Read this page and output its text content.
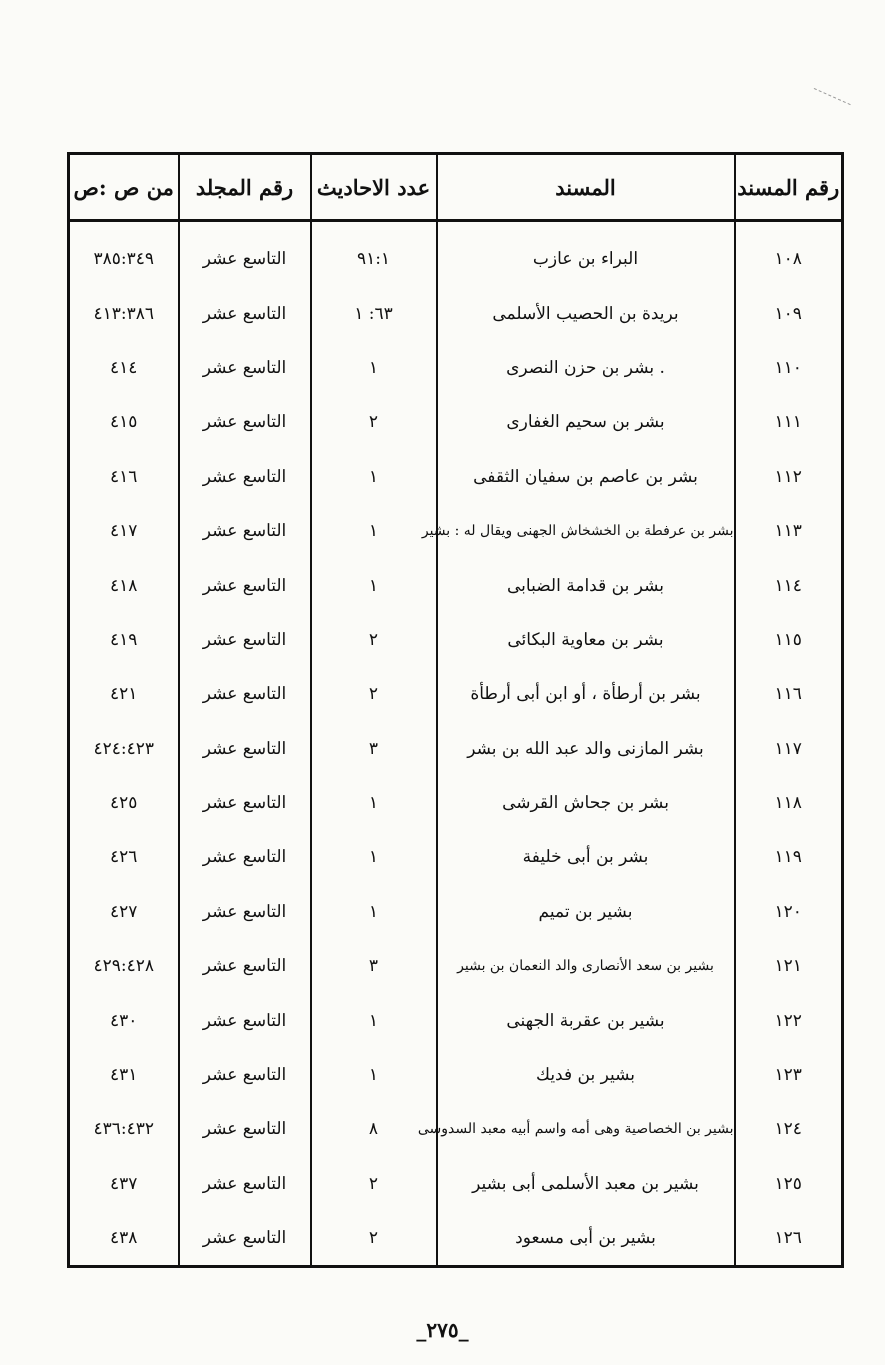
رقم المسند	المسند	عدد الاحاديث	رقم المجلد	من ص :ص
١٠٨	البراء بن عازب	٩١:١	التاسع عشر	٣٨٥:٣٤٩
١٠٩	بريدة بن الحصيب الأسلمى	٦٣: ١	التاسع عشر	٤١٣:٣٨٦
١١٠	. بشر بن حزن النصرى	١	التاسع عشر	٤١٤
١١١	بشر بن سحيم الغفارى	٢	التاسع عشر	٤١٥
١١٢	بشر بن عاصم بن سفيان الثقفى	١	التاسع عشر	٤١٦
١١٣	بشر بن عرفطة بن الخشخاش الجهنى ويقال له : بشير	١	التاسع عشر	٤١٧
١١٤	بشر بن قدامة الضبابى	١	التاسع عشر	٤١٨
١١٥	بشر بن معاوية البكائى	٢	التاسع عشر	٤١٩
١١٦	بشر بن أرطأة ، أو ابن أبى أرطأة	٢	التاسع عشر	٤٢١
١١٧	بشر المازنى والد عبد الله بن بشر	٣	التاسع عشر	٤٢٤:٤٢٣
١١٨	بشر بن جحاش القرشى	١	التاسع عشر	٤٢٥
١١٩	بشر بن أبى خليفة	١	التاسع عشر	٤٢٦
١٢٠	بشير بن تميم	١	التاسع عشر	٤٢٧
١٢١	بشير بن سعد الأنصارى والد النعمان بن بشير	٣	التاسع عشر	٤٢٩:٤٢٨
١٢٢	بشير بن عقربة الجهنى	١	التاسع عشر	٤٣٠
١٢٣	بشير بن فديك	١	التاسع عشر	٤٣١
١٢٤	بشير بن الخصاصية وهى أمه واسم أبيه معبد السدوسى	٨	التاسع عشر	٤٣٦:٤٣٢
١٢٥	بشير بن معبد الأسلمى أبى بشير	٢	التاسع عشر	٤٣٧
١٢٦	بشير بن أبى مسعود	٢	التاسع عشر	٤٣٨
_٢٧٥_
